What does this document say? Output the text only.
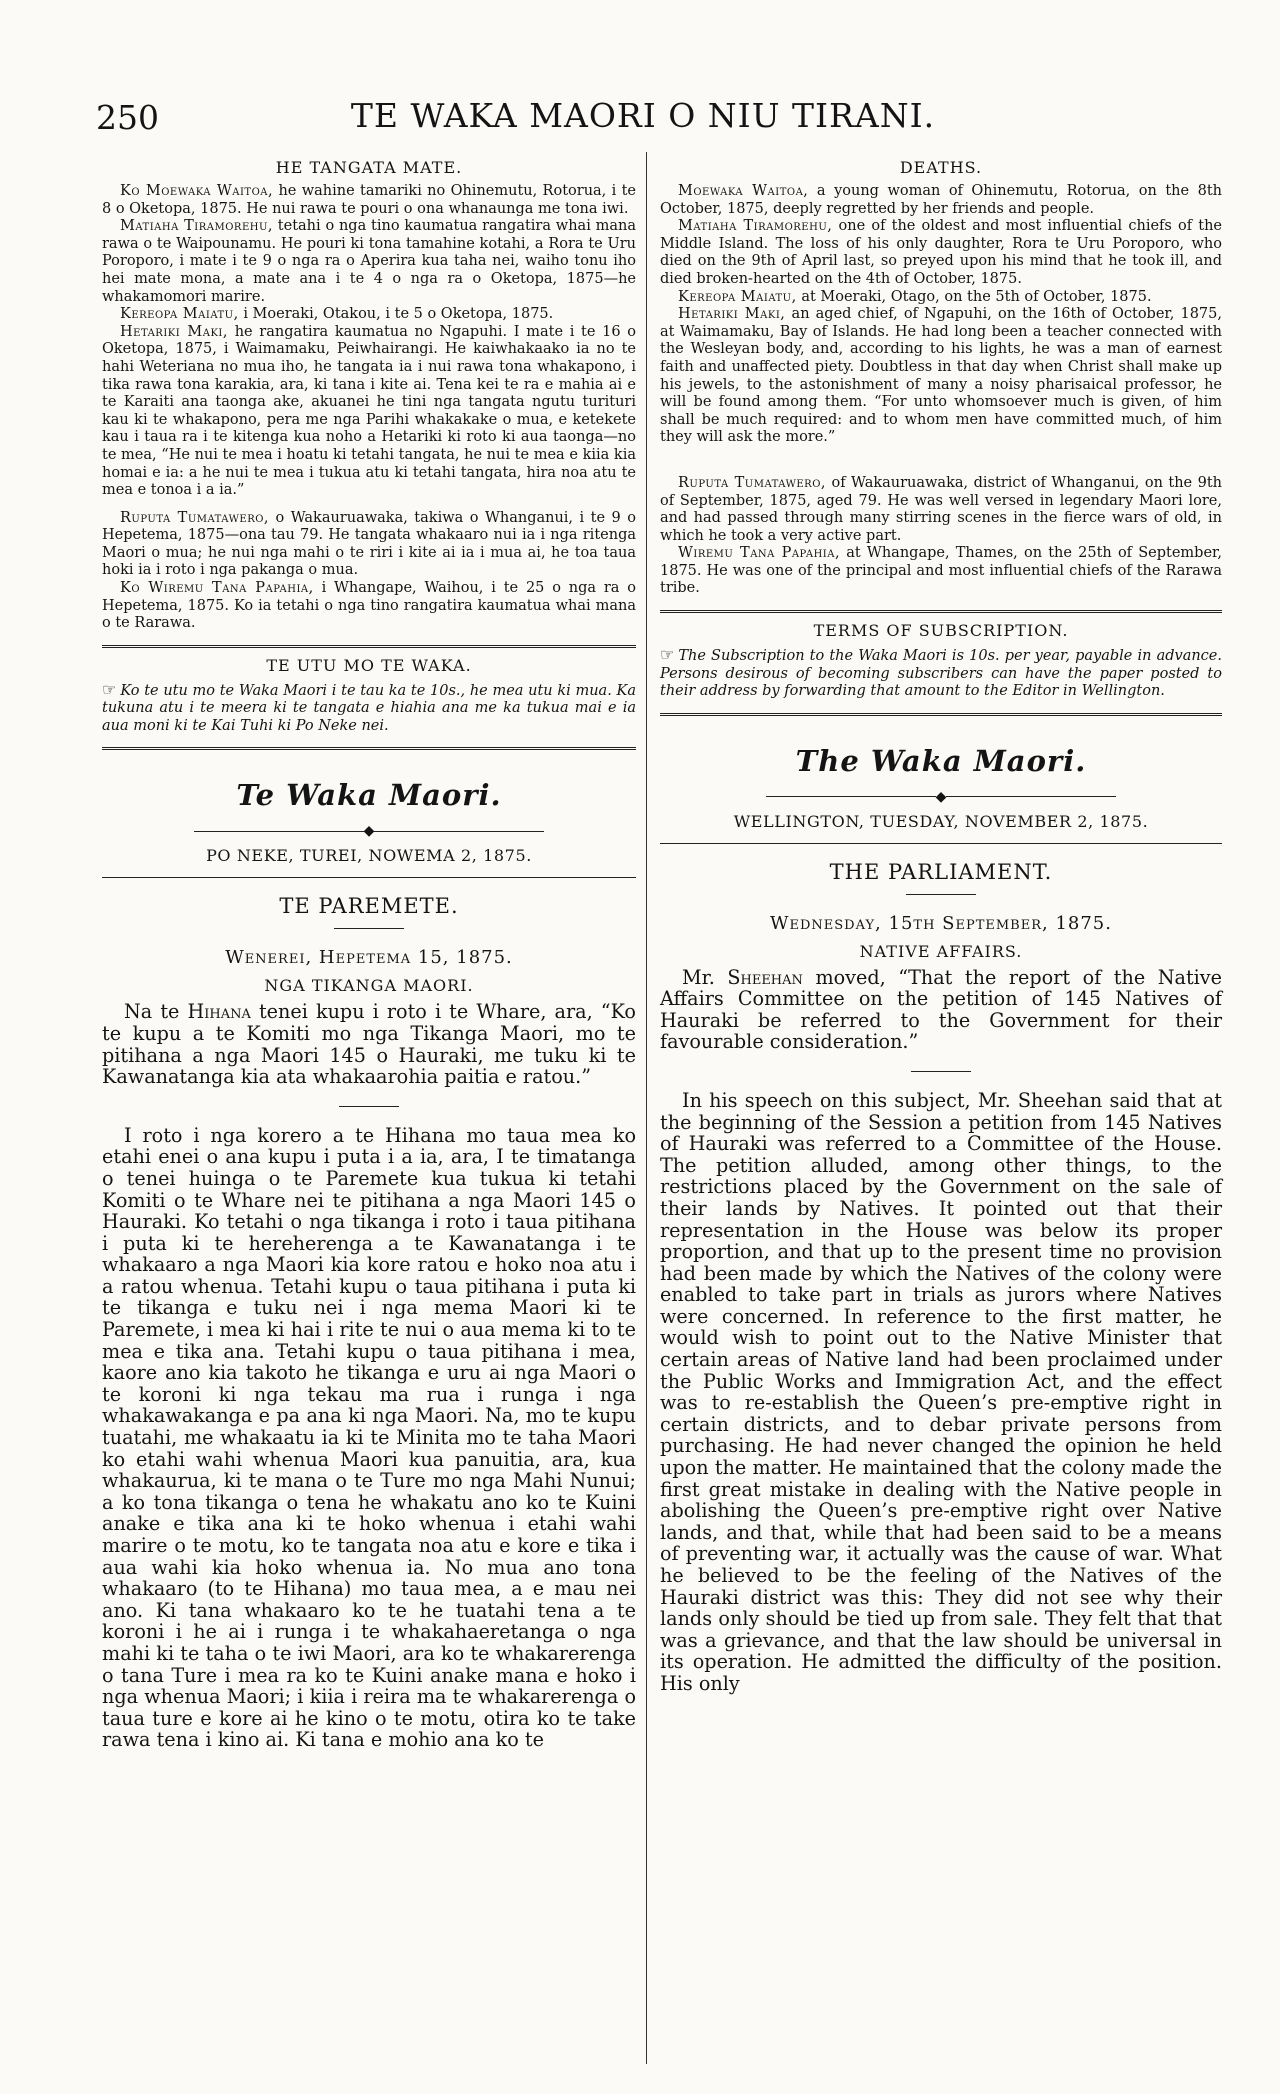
250	TE WAKA MAORI O NIU TIRANI.
HE TANGATA MATE.

Ko Moewaka Waitoa, he wahine tamariki no Ohinemutu, Rotorua, i te 8 o Oketopa, 1875. He nui rawa te pouri o ona whanaunga me tona iwi.

Matiaha Tiramorehu, tetahi o nga tino kaumatua rangatira whai mana rawa o te Waipounamu. He pouri ki tona tamahine kotahi, a Rora te Uru Poroporo, i mate i te 9 o nga ra o Aperira kua taha nei, waiho tonu iho hei mate mona, a mate ana i te 4 o nga ra o Oketopa, 1875—he whakamomori marire.

Kereopa Maiatu, i Moeraki, Otakou, i te 5 o Oketopa, 1875.

Hetariki Maki, he rangatira kaumatua no Ngapuhi. I mate i te 16 o Oketopa, 1875, i Waimamaku, Peiwhairangi. He kaiwhakaako ia no te hahi Weteriana no mua iho, he tangata ia i nui rawa tona whakapono, i tika rawa tona karakia, ara, ki tana i kite ai. Tena kei te ra e mahia ai e te Karaiti ana taonga ake, akuanei he tini nga tangata ngutu turituri kau ki te whakapono, pera me nga Parihi whakakake o mua, e ketekete kau i taua ra i te kitenga kua noho a Hetariki ki roto ki aua taonga—no te mea, “He nui te mea i hoatu ki tetahi tangata, he nui te mea e kiia kia homai e ia: a he nui te mea i tukua atu ki tetahi tangata, hira noa atu te mea e tonoa i a ia.”

Ruputa Tumatawero, o Wakauruawaka, takiwa o Whanganui, i te 9 o Hepetema, 1875—ona tau 79. He tangata whakaaro nui ia i nga ritenga Maori o mua; he nui nga mahi o te riri i kite ai ia i mua ai, he toa taua hoki ia i roto i nga pakanga o mua.

Ko Wiremu Tana Papahia, i Whangape, Waihou, i te 25 o nga ra o Hepetema, 1875. Ko ia tetahi o nga tino rangatira kaumatua whai mana o te Rarawa.

TE UTU MO TE WAKA.

☞ Ko te utu mo te Waka Maori i te tau ka te 10s., he mea utu ki mua. Ka tukuna atu i te meera ki te tangata e hiahia ana me ka tukua mai e ia aua moni ki te Kai Tuhi ki Po Neke nei.

Te Waka Maori.
◆
PO NEKE, TUREI, NOWEMA 2, 1875.
TE PAREMETE.
Wenerei, Hepetema 15, 1875.
NGA TIKANGA MAORI.

Na te Hihana tenei kupu i roto i te Whare, ara, “Ko te kupu a te Komiti mo nga Tikanga Maori, mo te pitihana a nga Maori 145 o Hauraki, me tuku ki te Kawanatanga kia ata whakaarohia paitia e ratou.”

I roto i nga korero a te Hihana mo taua mea ko etahi enei o ana kupu i puta i a ia, ara, I te timatanga o tenei huinga o te Paremete kua tukua ki tetahi Komiti o te Whare nei te pitihana a nga Maori 145 o Hauraki. Ko tetahi o nga tikanga i roto i taua pitihana i puta ki te hereherenga a te Kawanatanga i te whakaaro a nga Maori kia kore ratou e hoko noa atu i a ratou whenua. Tetahi kupu o taua pitihana i puta ki te tikanga e tuku nei i nga mema Maori ki te Paremete, i mea ki hai i rite te nui o aua mema ki to te mea e tika ana. Tetahi kupu o taua pitihana i mea, kaore ano kia takoto he tikanga e uru ai nga Maori o te koroni ki nga tekau ma rua i runga i nga whakawakanga e pa ana ki nga Maori. Na, mo te kupu tuatahi, me whakaatu ia ki te Minita mo te taha Maori ko etahi wahi whenua Maori kua panuitia, ara, kua whakaurua, ki te mana o te Ture mo nga Mahi Nunui; a ko tona tikanga o tena he whakatu ano ko te Kuini anake e tika ana ki te hoko whenua i etahi wahi marire o te motu, ko te tangata noa atu e kore e tika i aua wahi kia hoko whenua ia. No mua ano tona whakaaro (to te Hihana) mo taua mea, a e mau nei ano. Ki tana whakaaro ko te he tuatahi tena a te koroni i he ai i runga i te whakahaeretanga o nga mahi ki te taha o te iwi Maori, ara ko te whakarerenga o tana Ture i mea ra ko te Kuini anake mana e hoko i nga whenua Maori; i kiia i reira ma te whakarerenga o taua ture e kore ai he kino o te motu, otira ko te take rawa tena i kino ai. Ki tana e mohio ana ko te

DEATHS.

Moewaka Waitoa, a young woman of Ohinemutu, Rotorua, on the 8th October, 1875, deeply regretted by her friends and people.

Matiaha Tiramorehu, one of the oldest and most influential chiefs of the Middle Island. The loss of his only daughter, Rora te Uru Poroporo, who died on the 9th of April last, so preyed upon his mind that he took ill, and died broken-hearted on the 4th of October, 1875.

Kereopa Maiatu, at Moeraki, Otago, on the 5th of October, 1875.

Hetariki Maki, an aged chief, of Ngapuhi, on the 16th of October, 1875, at Waimamaku, Bay of Islands. He had long been a teacher connected with the Wesleyan body, and, according to his lights, he was a man of earnest faith and unaffected piety. Doubtless in that day when Christ shall make up his jewels, to the astonishment of many a noisy pharisaical professor, he will be found among them. “For unto whomsoever much is given, of him shall be much required: and to whom men have committed much, of him they will ask the more.”

Ruputa Tumatawero, of Wakauruawaka, district of Whanganui, on the 9th of September, 1875, aged 79. He was well versed in legendary Maori lore, and had passed through many stirring scenes in the fierce wars of old, in which he took a very active part.

Wiremu Tana Papahia, at Whangape, Thames, on the 25th of September, 1875. He was one of the principal and most influential chiefs of the Rarawa tribe.

TERMS OF SUBSCRIPTION.

☞ The Subscription to the Waka Maori is 10s. per year, payable in advance. Persons desirous of becoming subscribers can have the paper posted to their address by forwarding that amount to the Editor in Wellington.

The Waka Maori.
◆
WELLINGTON, TUESDAY, NOVEMBER 2, 1875.
THE PARLIAMENT.
Wednesday, 15th September, 1875.
NATIVE AFFAIRS.

Mr. Sheehan moved, “That the report of the Native Affairs Committee on the petition of 145 Natives of Hauraki be referred to the Government for their favourable consideration.”

In his speech on this subject, Mr. Sheehan said that at the beginning of the Session a petition from 145 Natives of Hauraki was referred to a Committee of the House. The petition alluded, among other things, to the restrictions placed by the Government on the sale of their lands by Natives. It pointed out that their representation in the House was below its proper proportion, and that up to the present time no provision had been made by which the Natives of the colony were enabled to take part in trials as jurors where Natives were concerned. In reference to the first matter, he would wish to point out to the Native Minister that certain areas of Native land had been proclaimed under the Public Works and Immigration Act, and the effect was to re-establish the Queen’s pre-emptive right in certain districts, and to debar private persons from purchasing. He had never changed the opinion he held upon the matter. He maintained that the colony made the first great mistake in dealing with the Native people in abolishing the Queen’s pre-emptive right over Native lands, and that, while that had been said to be a means of preventing war, it actually was the cause of war. What he believed to be the feeling of the Natives of the Hauraki district was this: They did not see why their lands only should be tied up from sale. They felt that that was a grievance, and that the law should be universal in its operation. He admitted the difficulty of the position. His only
